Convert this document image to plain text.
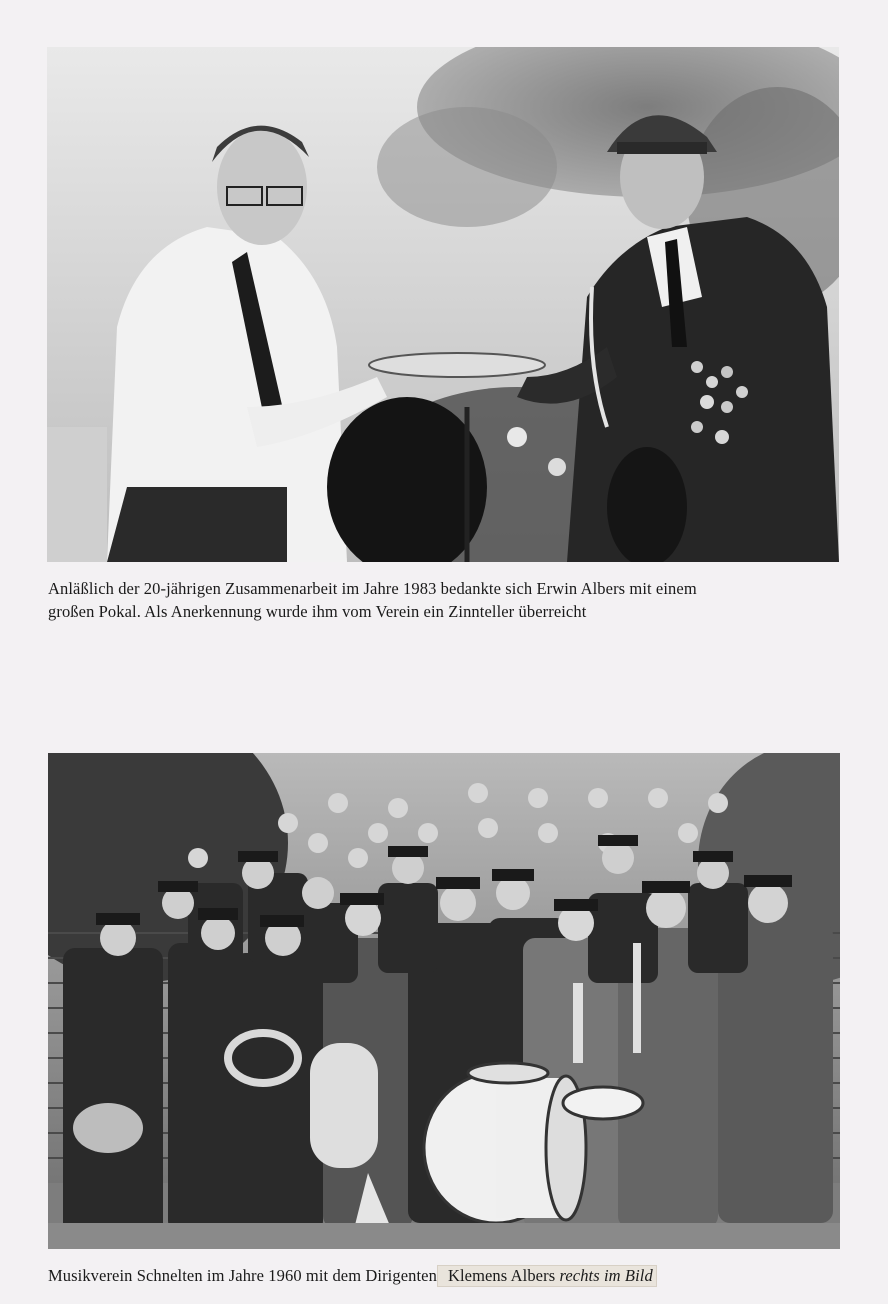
Anläßlich der 20-jährigen Zusammenarbeit im Jahre 1983 bedankte sich Erwin Albers mit einem
großen Pokal. Als Anerkennung wurde ihm vom Verein ein Zinnteller überreicht
Musikverein Schnelten im Jahre 1960 mit dem Dirigenten Klemens Albers rechts im Bild
